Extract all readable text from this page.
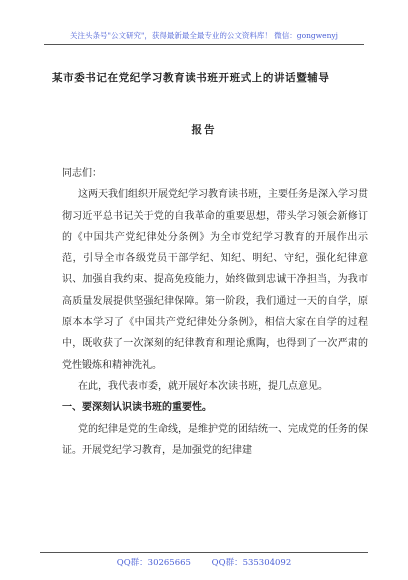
关注头条号"公文研究"，获得最新最全最专业的公文资料库！ 微信：gongwenyj
某市委书记在党纪学习教育读书班开班式上的讲话暨辅导
报告

同志们：

这两天我们组织开展党纪学习教育读书班，主要任务是深入学习贯彻习近平总书记关于党的自我革命的重要思想，带头学习领会新修订的《中国共产党纪律处分条例》为全市党纪学习教育的开展作出示范，引导全市各级党员干部学纪、知纪、明纪、守纪，强化纪律意识、加强自我约束、提高免疫能力，始终做到忠诚干净担当，为我市高质量发展提供坚强纪律保障。第一阶段，我们通过一天的自学，原原本本学习了《中国共产党纪律处分条例》，相信大家在自学的过程中，既收获了一次深刻的纪律教育和理论熏陶，也得到了一次严肃的党性锻炼和精神洗礼。

在此，我代表市委，就开展好本次读书班，提几点意见。

一、要深刻认识读书班的重要性。

党的纪律是党的生命线，是维护党的团结统一、完成党的任务的保证。开展党纪学习教育，是加强党的纪律建

QQ群：30265665 QQ群：535304092
